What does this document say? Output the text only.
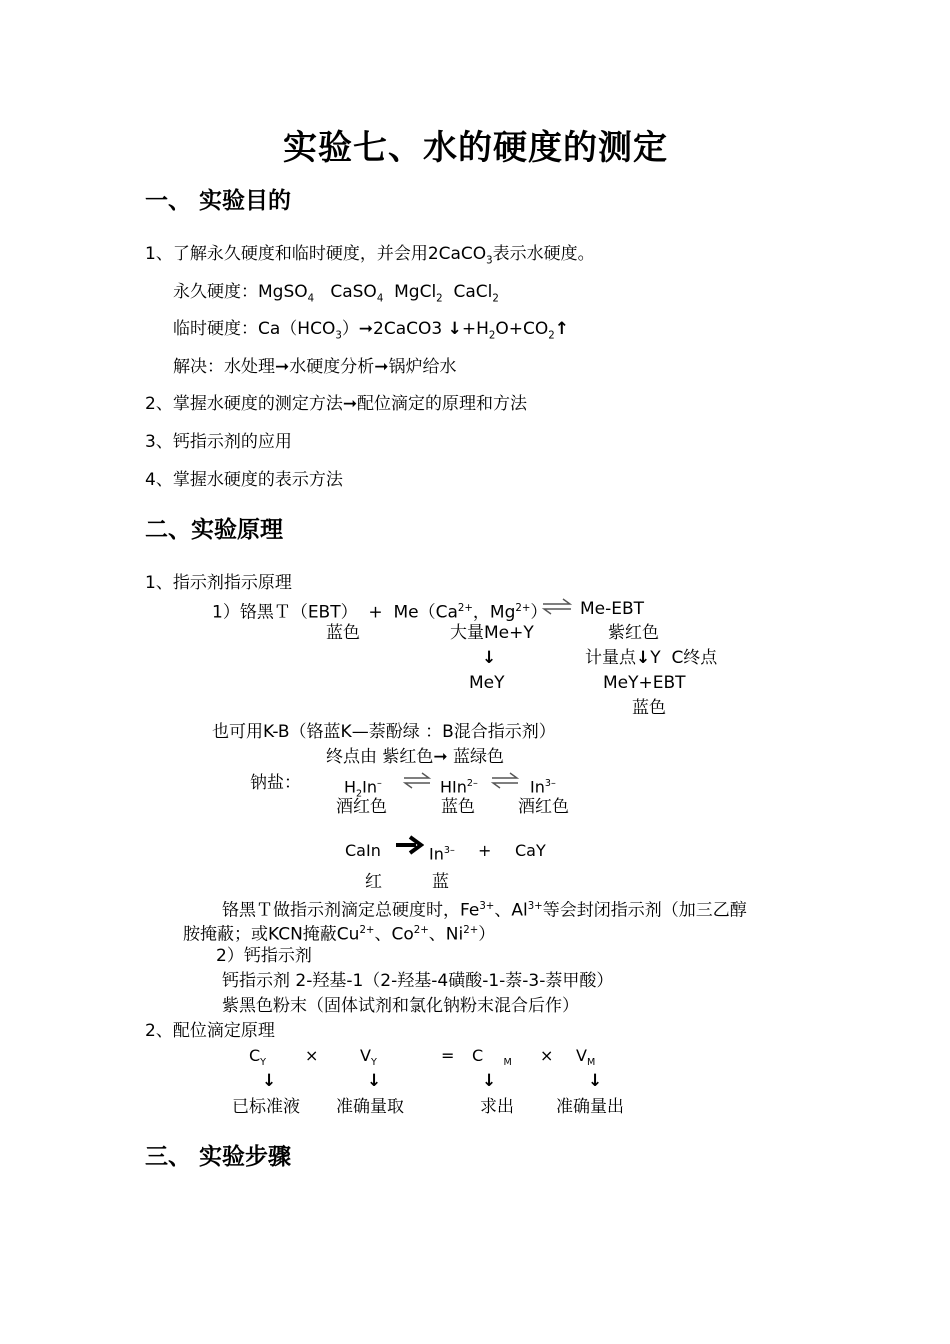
实验七、水的硬度的测定
一、 实验目的
1、了解永久硬度和临时硬度，并会用2CaCO$_3$表示水硬度。
永久硬度：MgSO$_4$ CaSO$_4$ MgCl$_2$ CaCl$_2$
临时硬度：$Ca(HCO_3)➞2CaCO3$ $↓+H_2O+CO_2↑$
解决：水处理➞水硬度分析➞锅炉给水
2、掌握水硬度的测定方法➞配位滴定的原理和方法
3、钙指示剂的应用
4、掌握水硬度的表示方法
二、实验原理
1、指示剂指示原理
1）铬黑Ｔ（EBT）  +  $Me(Ca^{2+}$，$Mg^{2+}$） ⇌ Me-EBT
蓝色	大量Me+Y	紫红色
↓	计量点↓Y  C终点
MeY	MeY+EBT
蓝色
也可用K-B（铬蓝K—萘酚绿 ：B混合指示剂）
终点由 紫红色➞ 蓝绿色
钠盐：	$H_2In^-$ ⇌ HIn$^{2-}$ ⇌ $In^{3-}$
酒红色	蓝色	酒红色
CaIn	$In^{3-}$ + CaY
红	蓝
铬黑Ｔ做指示剂滴定总硬度时，$Fe^{3+}$、$Al^{3+}$等会封闭指示剂（加三乙醇
胺掩蔽；或KCN掩蔽$Cu^{2+}$、$Co^{2+}$、$Ni^{2+}$）
2）钙指示剂
钙指示剂 2-羟基-1（2-羟基-4磺酸-1-萘-3-萘甲酸）
紫黑色粉末（固体试剂和氯化钠粉末混合后作）
2、配位滴定原理
$C_Y$ ×	$V_Y$	= C $_M \times V_M$
↓	↓	↓	↓
已标准液 准确量取	求出 准确量出
三、 实验步骤
